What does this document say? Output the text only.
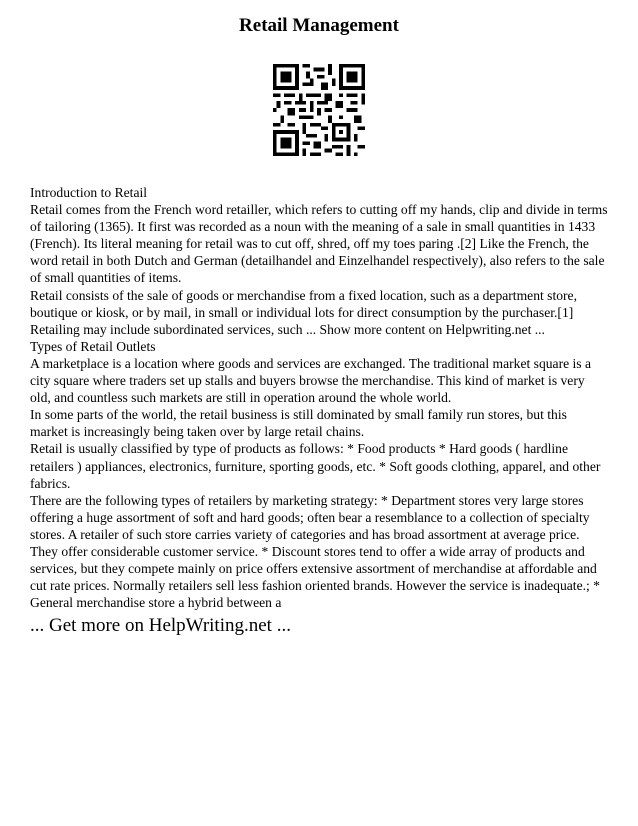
Retail Management

Introduction to Retail

Retail comes from the French word retailler, which refers to cutting off my hands, clip and divide in terms of tailoring (1365). It first was recorded as a noun with the meaning of a sale in small quantities in 1433 (French). Its literal meaning for retail was to cut off, shred, off my toes paring .[2] Like the French, the word retail in both Dutch and German (detailhandel and Einzelhandel respectively), also refers to the sale of small quantities of items.

Retail consists of the sale of goods or merchandise from a fixed location, such as a department store, boutique or kiosk, or by mail, in small or individual lots for direct consumption by the purchaser.[1] Retailing may include subordinated services, such ... Show more content on Helpwriting.net ...

Types of Retail Outlets

A marketplace is a location where goods and services are exchanged. The traditional market square is a city square where traders set up stalls and buyers browse the merchandise. This kind of market is very old, and countless such markets are still in operation around the whole world.

In some parts of the world, the retail business is still dominated by small family run stores, but this market is increasingly being taken over by large retail chains.

Retail is usually classified by type of products as follows: * Food products * Hard goods ( hardline retailers ) appliances, electronics, furniture, sporting goods, etc. * Soft goods clothing, apparel, and other fabrics.

There are the following types of retailers by marketing strategy: * Department stores very large stores offering a huge assortment of soft and hard goods; often bear a resemblance to a collection of specialty stores. A retailer of such store carries variety of categories and has broad assortment at average price. They offer considerable customer service. * Discount stores tend to offer a wide array of products and services, but they compete mainly on price offers extensive assortment of merchandise at affordable and cut rate prices. Normally retailers sell less fashion oriented brands. However the service is inadequate.; * General merchandise store a hybrid between a

... Get more on HelpWriting.net ...
